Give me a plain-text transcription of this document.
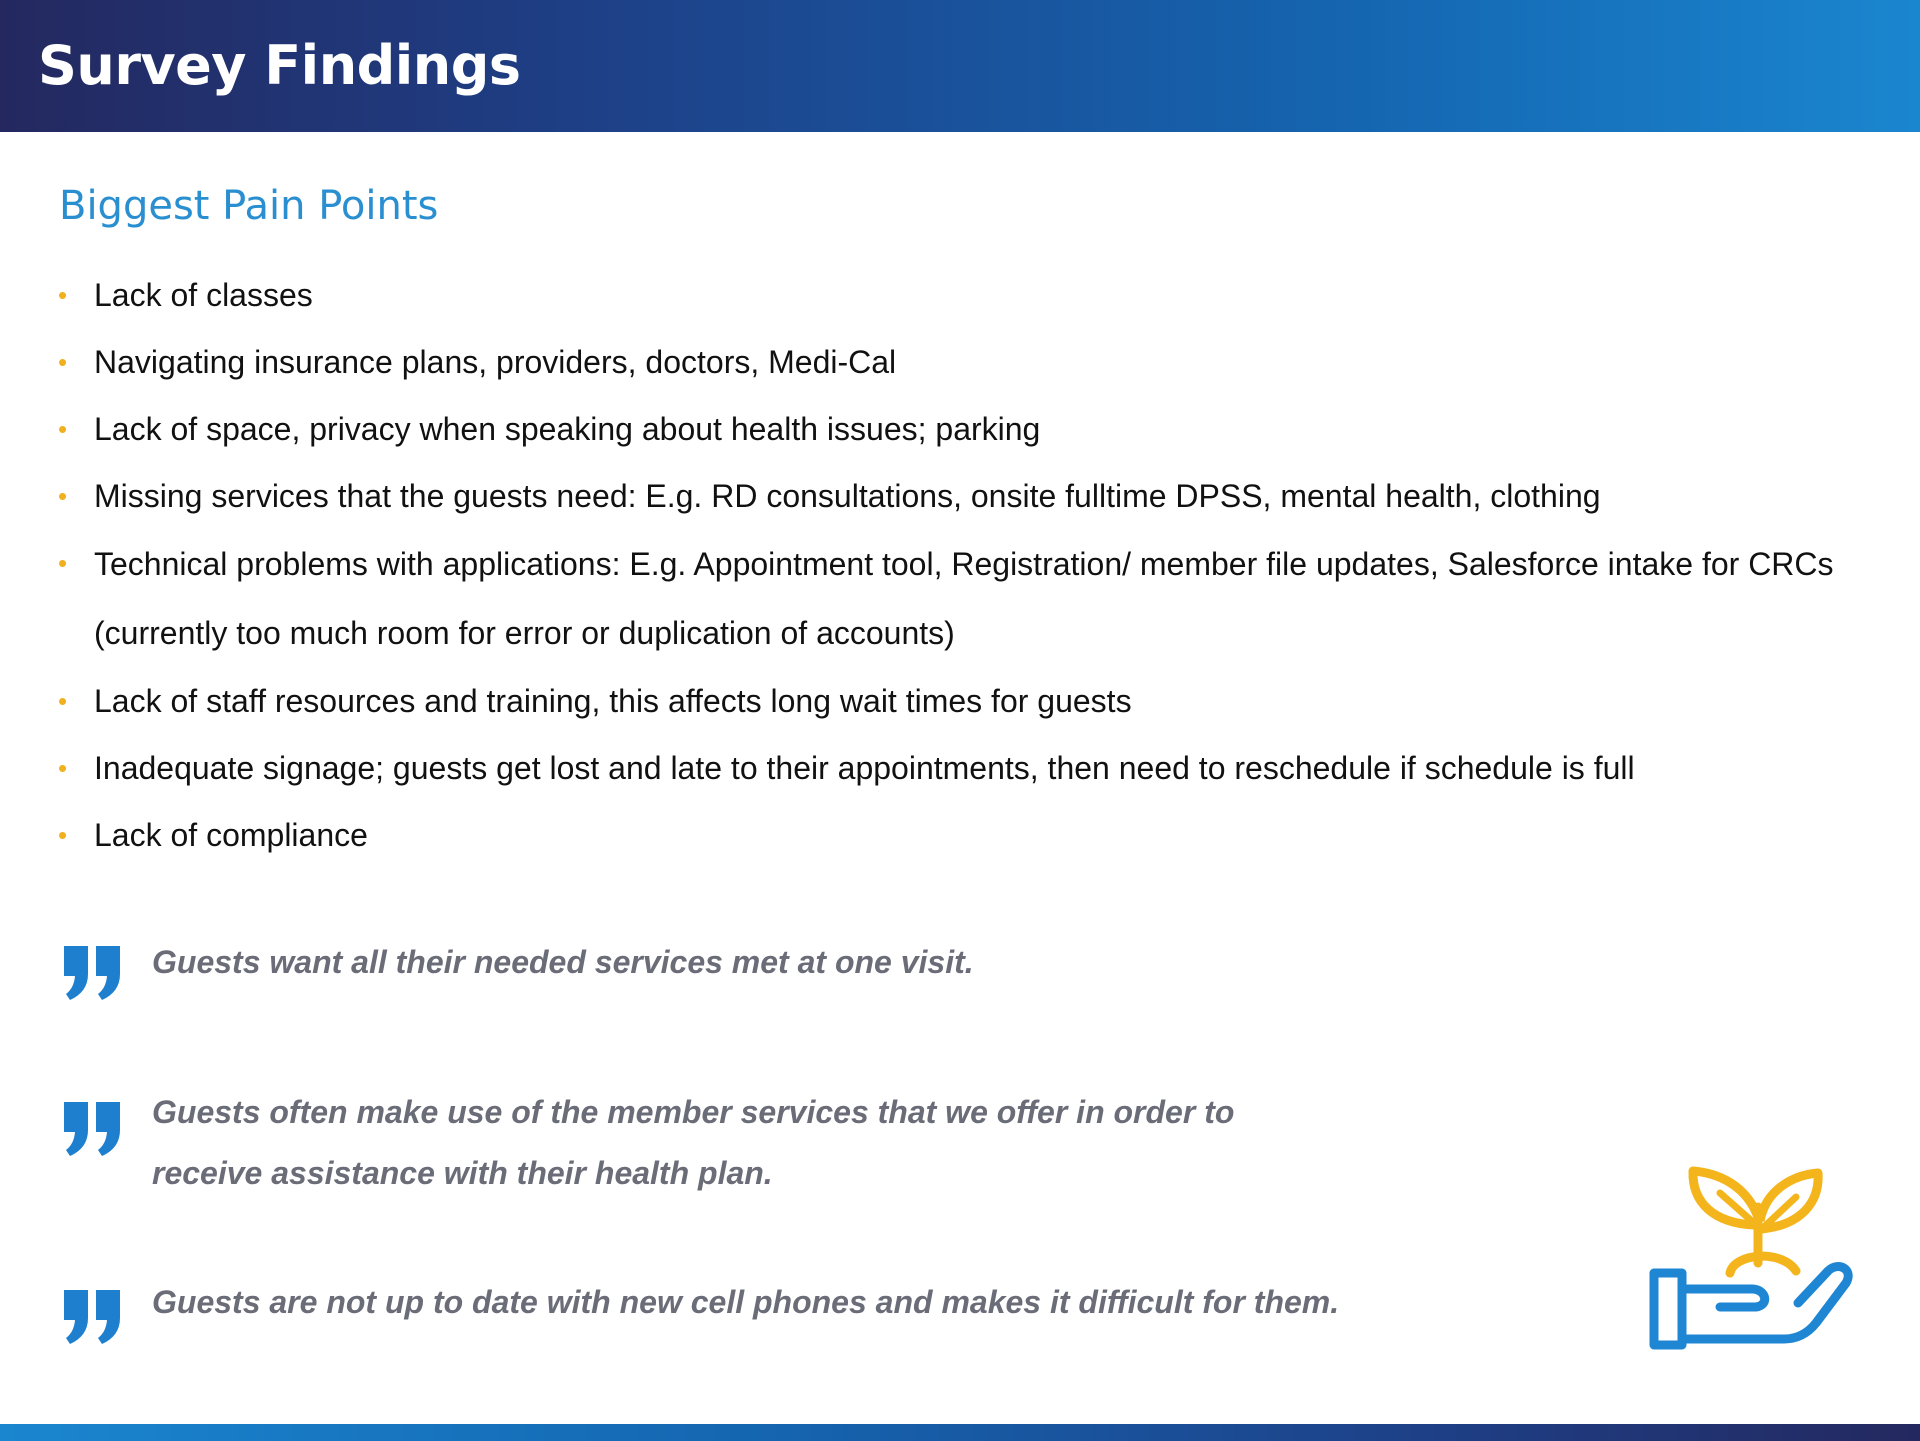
Survey Findings
Biggest Pain Points
• Lack of classes
• Navigating insurance plans, providers, doctors, Medi-Cal
• Lack of space, privacy when speaking about health issues; parking
• Missing services that the guests need: E.g. RD consultations, onsite fulltime DPSS, mental health, clothing
• Technical problems with applications: E.g. Appointment tool, Registration/ member file updates, Salesforce intake for CRCs (currently too much room for error or duplication of accounts)
• Lack of staff resources and training, this affects long wait times for guests
• Inadequate signage; guests get lost and late to their appointments, then need to reschedule if schedule is full
• Lack of compliance

Guests want all their needed services met at one visit.

Guests often make use of the member services that we offer in order to receive assistance with their health plan.

Guests are not up to date with new cell phones and makes it difficult for them.
